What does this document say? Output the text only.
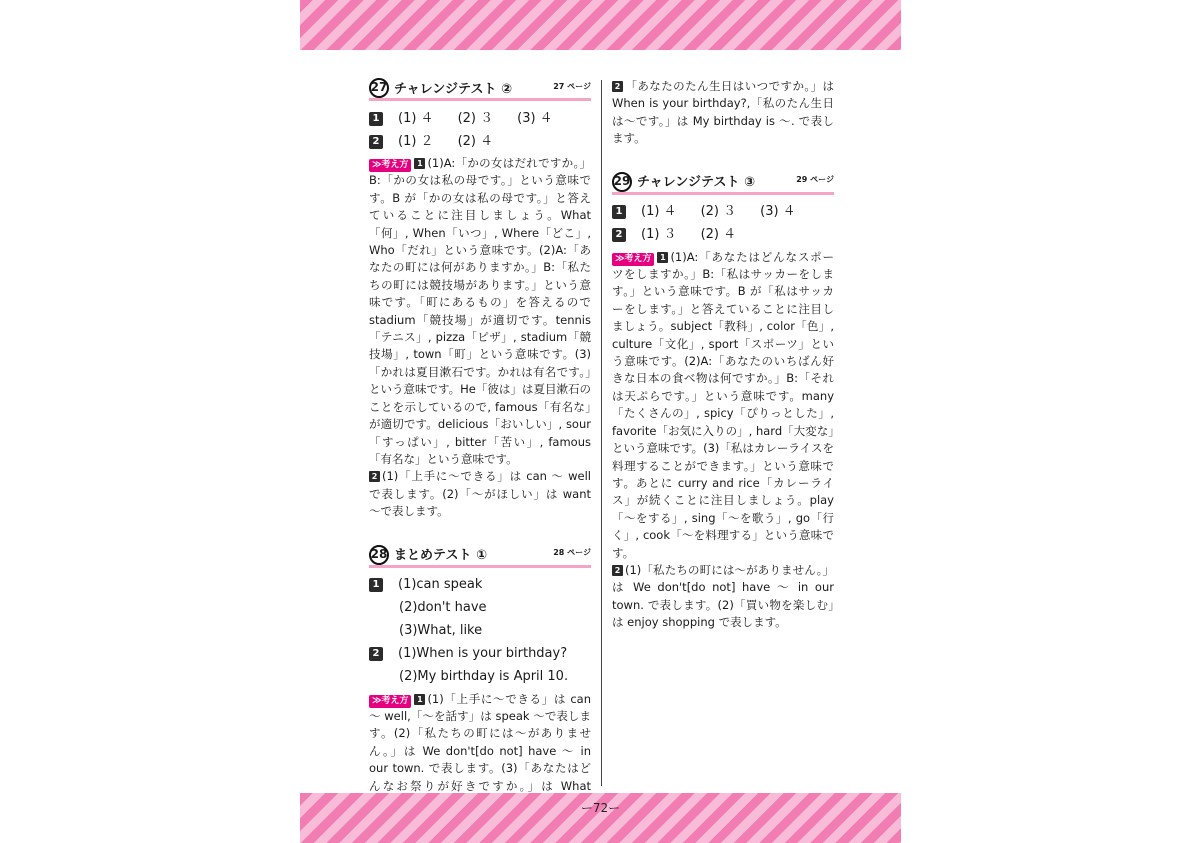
27 チャレンジテスト ②	27 ページ
1 (1) ４ (2) ３ (3) ４
2 (1) ２ (2) ４

≫考え方 1 (1)A:「かの女はだれですか。」B:「かの女は私の母です。」という意味です。B が「かの女は私の母です。」と答えていることに注目しましょう。What「何」, When「いつ」, Where「どこ」, Who「だれ」という意味です。(2)A:「あなたの町には何がありますか。」B:「私たちの町には競技場があります。」という意味です。「町にあるもの」を答えるので stadium「競技場」が適切です。tennis「テニス」, pizza「ピザ」, stadium「競技場」, town「町」という意味です。(3)「かれは夏目漱石です。かれは有名です。」という意味です。He「彼は」は夏目漱石のことを示しているので, famous「有名な」が適切です。delicious「おいしい」, sour「すっぱい」, bitter「苦い」, famous「有名な」という意味です。

2 (1)「上手に〜できる」は can 〜 well で表します。(2)「〜がほしい」は want 〜で表します。

28 まとめテスト ①	28 ページ
1 (1)can speak
(2)don't have
(3)What, like
2 (1)When is your birthday?
(2)My birthday is April 10.

≫考え方 1 (1)「上手に〜できる」は can 〜 well,「〜を話す」は speak 〜で表します。(2)「私たちの町には〜がありません。」は We don't[do not] have 〜 in our town. で表します。(3)「あなたはどんなお祭りが好きですか。」は What

2 「あなたのたん生日はいつですか。」は When is your birthday?,「私のたん生日は〜です。」は My birthday is 〜. で表します。

29 チャレンジテスト ③	29 ページ
1 (1) ４ (2) ３ (3) ４
2 (1) ３ (2) ４

≫考え方 1 (1)A:「あなたはどんなスポーツをしますか。」B:「私はサッカーをします。」という意味です。B が「私はサッカーをします。」と答えていることに注目しましょう。subject「教科」, color「色」, culture「文化」, sport「スポーツ」という意味です。(2)A:「あなたのいちばん好きな日本の食べ物は何ですか。」B:「それは天ぷらです。」という意味です。many「たくさんの」, spicy「ぴりっとした」, favorite「お気に入りの」, hard「大変な」という意味です。(3)「私はカレーライスを料理することができます。」という意味です。あとに curry and rice「カレーライス」が続くことに注目しましょう。play「〜をする」, sing「〜を歌う」, go「行く」, cook「〜を料理する」という意味です。

2 (1)「私たちの町には〜がありません。」は We don't[do not] have 〜 in our town. で表します。(2)「買い物を楽しむ」は enjoy shopping で表します。

ー72ー
